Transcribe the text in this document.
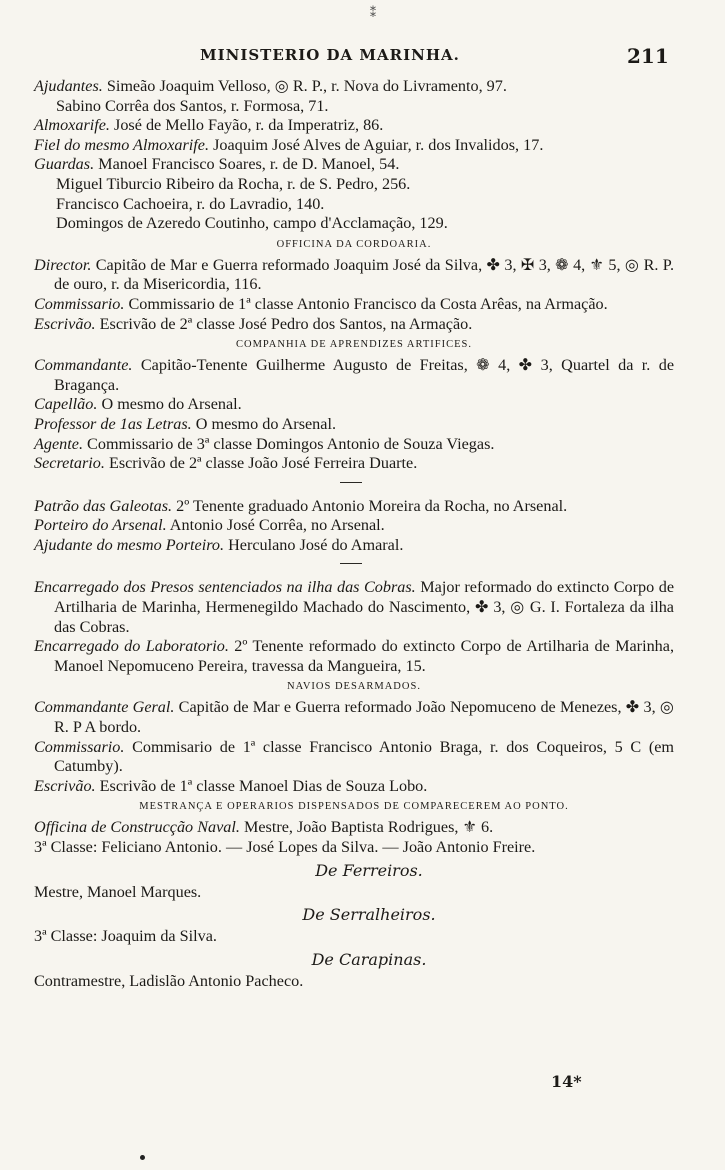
⁑
MINISTERIO DA MARINHA.	211

Ajudantes. Simeão Joaquim Velloso, ◎ R. P., r. Nova do Livramento, 97.

Sabino Corrêa dos Santos, r. Formosa, 71.

Almoxarife. José de Mello Fayão, r. da Imperatriz, 86.

Fiel do mesmo Almoxarife. Joaquim José Alves de Aguiar, r. dos Invalidos, 17.

Guardas. Manoel Francisco Soares, r. de D. Manoel, 54.

Miguel Tiburcio Ribeiro da Rocha, r. de S. Pedro, 256.

Francisco Cachoeira, r. do Lavradio, 140.

Domingos de Azeredo Coutinho, campo d'Acclamação, 129.

OFFICINA DA CORDOARIA.

Director. Capitão de Mar e Guerra reformado Joaquim José da Silva, ✤ 3, ✠ 3, ❁ 4, ⚜ 5, ◎ R. P. de ouro, r. da Misericordia, 116.

Commissario. Commissario de 1ª classe Antonio Francisco da Costa Arêas, na Armação.

Escrivão. Escrivão de 2ª classe José Pedro dos Santos, na Armação.

COMPANHIA DE APRENDIZES ARTIFICES.

Commandante. Capitão-Tenente Guilherme Augusto de Freitas, ❁ 4, ✤ 3, Quartel da r. de Bragança.

Capellão. O mesmo do Arsenal.

Professor de 1as Letras. O mesmo do Arsenal.

Agente. Commissario de 3ª classe Domingos Antonio de Souza Viegas.

Secretario. Escrivão de 2ª classe João José Ferreira Duarte.

Patrão das Galeotas. 2º Tenente graduado Antonio Moreira da Rocha, no Arsenal.

Porteiro do Arsenal. Antonio José Corrêa, no Arsenal.

Ajudante do mesmo Porteiro. Herculano José do Amaral.

Encarregado dos Presos sentenciados na ilha das Cobras. Major reformado do extincto Corpo de Artilharia de Marinha, Hermenegildo Machado do Nascimento, ✤ 3, ◎ G. I. Fortaleza da ilha das Cobras.

Encarregado do Laboratorio. 2º Tenente reformado do extincto Corpo de Artilharia de Marinha, Manoel Nepomuceno Pereira, travessa da Mangueira, 15.

NAVIOS DESARMADOS.

Commandante Geral. Capitão de Mar e Guerra reformado João Nepomuceno de Menezes, ✤ 3, ◎ R. P A bordo.

Commissario. Commisario de 1ª classe Francisco Antonio Braga, r. dos Coqueiros, 5 C (em Catumby).

Escrivão. Escrivão de 1ª classe Manoel Dias de Souza Lobo.

MESTRANÇA E OPERARIOS DISPENSADOS DE COMPARECEREM AO PONTO.

Officina de Construcção Naval. Mestre, João Baptista Rodrigues, ⚜ 6.

3ª Classe: Feliciano Antonio. — José Lopes da Silva. — João Antonio Freire.

De Ferreiros.

Mestre, Manoel Marques.

De Serralheiros.

3ª Classe: Joaquim da Silva.

De Carapinas.

Contramestre, Ladislão Antonio Pacheco.

14*
